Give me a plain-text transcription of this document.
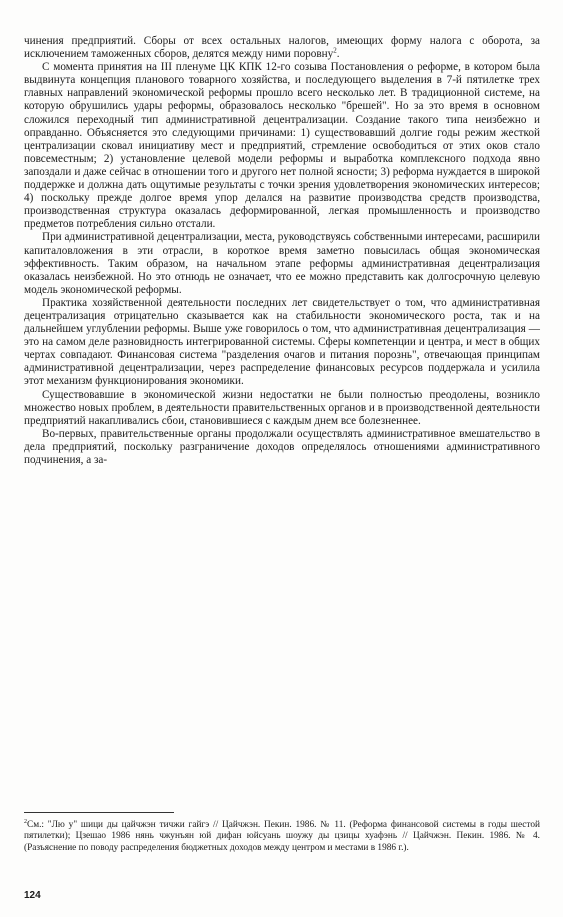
чинения предприятий. Сборы от всех остальных налогов, имеющих форму налога с оборота, за исключением таможенных сборов, делятся между ними поровну$^2$.

С момента принятия на III пленуме ЦК КПК 12-го созыва Постановления о реформе, в котором была выдвинута концепция планового товарного хозяйства, и последующего выделения в 7-й пятилетке трех главных направлений экономической реформы прошло всего несколько лет. В традиционной системе, на которую обрушились удары реформы, образовалось несколько "брешей". Но за это время в основном сложился переходный тип административной децентрализации. Создание такого типа неизбежно и оправданно. Объясняется это следующими причинами: 1) существовавший долгие годы режим жесткой централизации сковал инициативу мест и предприятий, стремление освободиться от этих оков стало повсеместным; 2) установление целевой модели реформы и выработка комплексного подхода явно запоздали и даже сейчас в отношении того и другого нет полной ясности; 3) реформа нуждается в широкой поддержке и должна дать ощутимые результаты с точки зрения удовлетворения экономических интересов; 4) поскольку прежде долгое время упор делался на развитие производства средств производства, производственная структура оказалась деформированной, легкая промышленность и производство предметов потребления сильно отстали.

При административной децентрализации, места, руководствуясь собственными интересами, расширили капиталовложения в эти отрасли, в короткое время заметно повысилась общая экономическая эффективность. Таким образом, на начальном этапе реформы административная децентрализация оказалась неизбежной. Но это отнюдь не означает, что ее можно представить как долгосрочную целевую модель экономической реформы.

Практика хозяйственной деятельности последних лет свидетельствует о том, что административная децентрализация отрицательно сказывается как на стабильности экономического роста, так и на дальнейшем углублении реформы. Выше уже говорилось о том, что административная децентрализация — это на самом деле разновидность интегрированной системы. Сферы компетенции и центра, и мест в общих чертах совпадают. Финансовая система "разделения очагов и питания порознь", отвечающая принципам административной децентрализации, через распределение финансовых ресурсов поддержала и усилила этот механизм функционирования экономики.

Существовавшие в экономической жизни недостатки не были полностью преодолены, возникло множество новых проблем, в деятельности правительственных органов и в производственной деятельности предприятий накапливались сбои, становившиеся с каждым днем все болезненнее.

Во-первых, правительственные органы продолжали осуществлять административное вмешательство в дела предприятий, поскольку разграничение доходов определялось отношениями административного подчинения, а за-

$^2$См.: "Лю у" шици ды цайчжэн тичжи гайгэ // Цайчжэн. Пекин. 1986. № 11. (Реформа финансовой системы в годы шестой пятилетки); Цзешао 1986 нянь чжунъян юй дифан юйсуань шоужу ды цзицы хуафэнь // Цайчжэн. Пекин. 1986. № 4. (Разъяснение по поводу распределения бюджетных доходов между центром и местами в 1986 г.).
124
